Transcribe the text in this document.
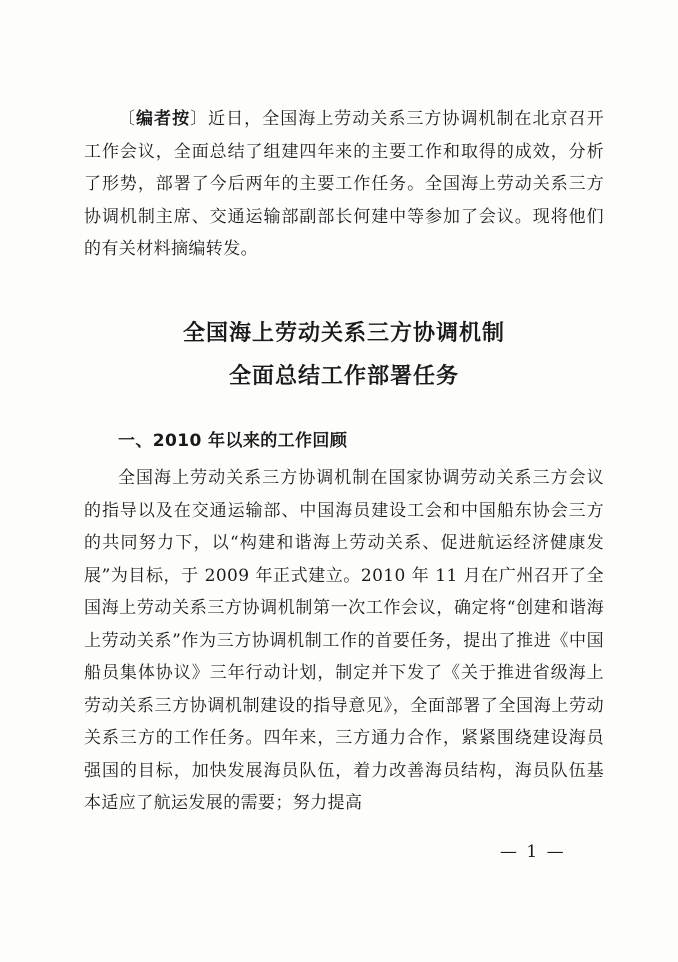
〔编者按〕近日，全国海上劳动关系三方协调机制在北京召开工作会议，全面总结了组建四年来的主要工作和取得的成效，分析了形势，部署了今后两年的主要工作任务。全国海上劳动关系三方协调机制主席、交通运输部副部长何建中等参加了会议。现将他们的有关材料摘编转发。

全国海上劳动关系三方协调机制
全面总结工作部署任务
一、2010 年以来的工作回顾

全国海上劳动关系三方协调机制在国家协调劳动关系三方会议的指导以及在交通运输部、中国海员建设工会和中国船东协会三方的共同努力下，以“构建和谐海上劳动关系、促进航运经济健康发展”为目标，于 2009 年正式建立。2010 年 11 月在广州召开了全国海上劳动关系三方协调机制第一次工作会议，确定将“创建和谐海上劳动关系”作为三方协调机制工作的首要任务，提出了推进《中国船员集体协议》三年行动计划，制定并下发了《关于推进省级海上劳动关系三方协调机制建设的指导意见》，全面部署了全国海上劳动关系三方的工作任务。四年来，三方通力合作，紧紧围绕建设海员强国的目标，加快发展海员队伍，着力改善海员结构，海员队伍基本适应了航运发展的需要；努力提高

— 1 —
